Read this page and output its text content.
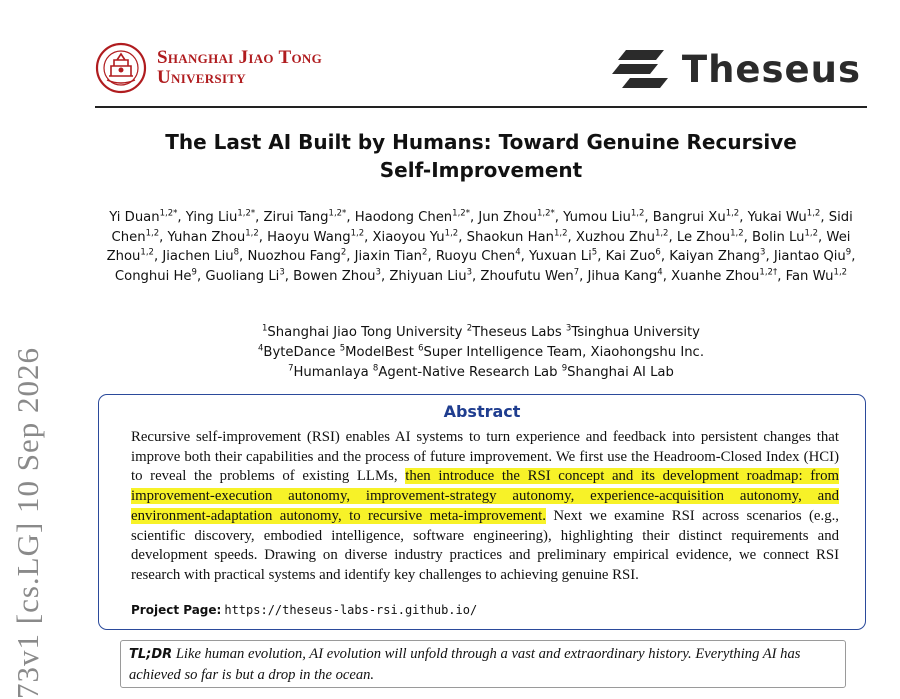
Shanghai Jiao Tong
University	Theseus
73v1 [cs.LG] 10 Sep 2026
The Last AI Built by Humans: Toward Genuine Recursive
Self-Improvement
Yi Duan$^{1,2*}$, Ying Liu$^{1,2*}$, Zirui Tang$^{1,2*}$, Haodong Chen$^{1,2*}$, Jun Zhou$^{1,2*}$, Yumou Liu$^{1,2}$, Bangrui Xu$^{1,2}$, Yukai Wu$^{1,2}$, Sidi Chen$^{1,2}$, Yuhan Zhou$^{1,2}$, Haoyu Wang$^{1,2}$, Xiaoyou Yu$^{1,2}$, Shaokun Han$^{1,2}$, Xuzhou Zhu$^{1,2}$, Le Zhou$^{1,2}$, Bolin Lu$^{1,2}$, Wei Zhou$^{1,2}$, Jiachen Liu$^8$, Nuozhou Fang$^2$, Jiaxin Tian$^2$, Ruoyu Chen$^4$, Yuxuan Li$^5$, Kai Zuo$^6$, Kaiyan Zhang$^3$, Jiantao Qiu$^9$, Conghui He$^9$, Guoliang Li$^3$, Bowen Zhou$^3$, Zhiyuan Liu$^3$, Zhoufutu Wen$^7$, Jihua Kang$^4$, Xuanhe Zhou$^{1,2\dagger}$, Fan Wu$^{1,2}$
$^1$Shanghai Jiao Tong University $^2$Theseus Labs $^3$Tsinghua University
$^4$ByteDance $^5$ModelBest $^6$Super Intelligence Team, Xiaohongshu Inc.
$^7$Humanlaya $^8$Agent-Native Research Lab $^9$Shanghai AI Lab
Abstract
Recursive self-improvement (RSI) enables AI systems to turn experience and feedback into persistent changes that improve both their capabilities and the process of future improvement. We first use the Headroom-Closed Index (HCI) to reveal the problems of existing LLMs, then introduce the RSI concept and its development roadmap: from improvement-execution autonomy, improvement-strategy autonomy, experience-acquisition autonomy, and environment-adaptation autonomy, to recursive meta-improvement. Next we examine RSI across scenarios (e.g., scientific discovery, embodied intelligence, software engineering), highlighting their distinct requirements and development speeds. Drawing on diverse industry practices and preliminary empirical evidence, we connect RSI research with practical systems and identify key challenges to achieving genuine RSI.
Project Page: https://theseus-labs-rsi.github.io/
TL;DR Like human evolution, AI evolution will unfold through a vast and extraordinary history. Everything AI has achieved so far is but a drop in the ocean.
